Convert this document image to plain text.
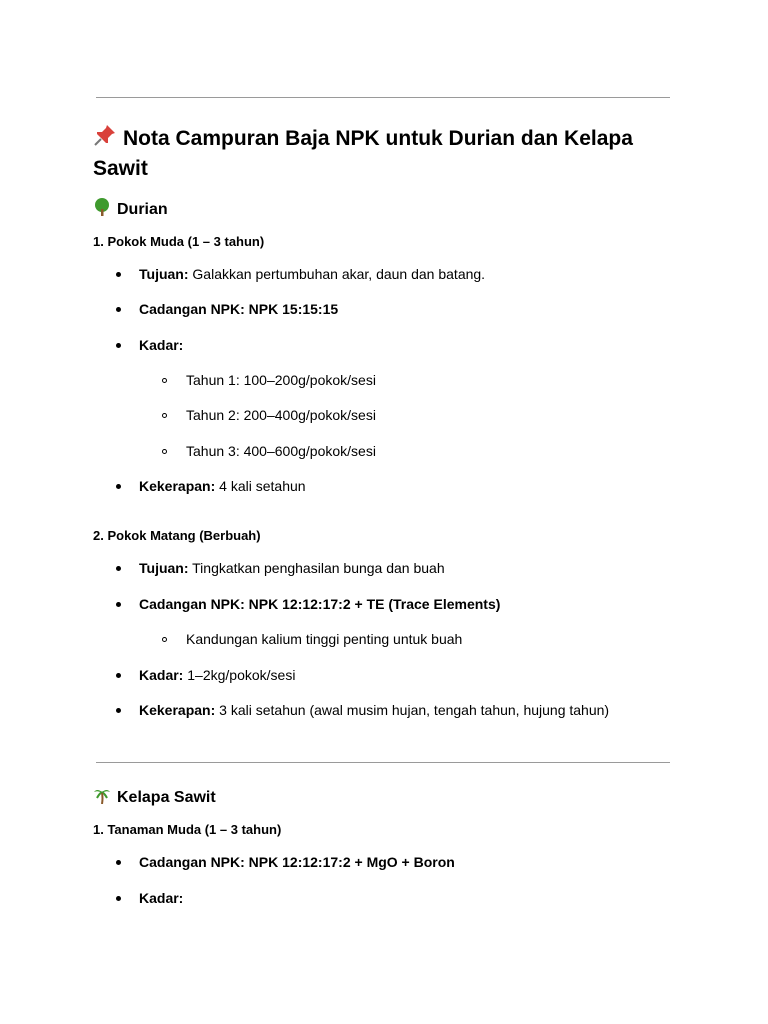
Nota Campuran Baja NPK untuk Durian dan Kelapa Sawit
Durian
1. Pokok Muda (1 – 3 tahun)
Tujuan: Galakkan pertumbuhan akar, daun dan batang.
Cadangan NPK: NPK 15:15:15
Kadar:
Tahun 1: 100–200g/pokok/sesi
Tahun 2: 200–400g/pokok/sesi
Tahun 3: 400–600g/pokok/sesi
Kekerapan: 4 kali setahun
2. Pokok Matang (Berbuah)
Tujuan: Tingkatkan penghasilan bunga dan buah
Cadangan NPK: NPK 12:12:17:2 + TE (Trace Elements)
Kandungan kalium tinggi penting untuk buah
Kadar: 1–2kg/pokok/sesi
Kekerapan: 3 kali setahun (awal musim hujan, tengah tahun, hujung tahun)
Kelapa Sawit
1. Tanaman Muda (1 – 3 tahun)
Cadangan NPK: NPK 12:12:17:2 + MgO + Boron
Kadar:
